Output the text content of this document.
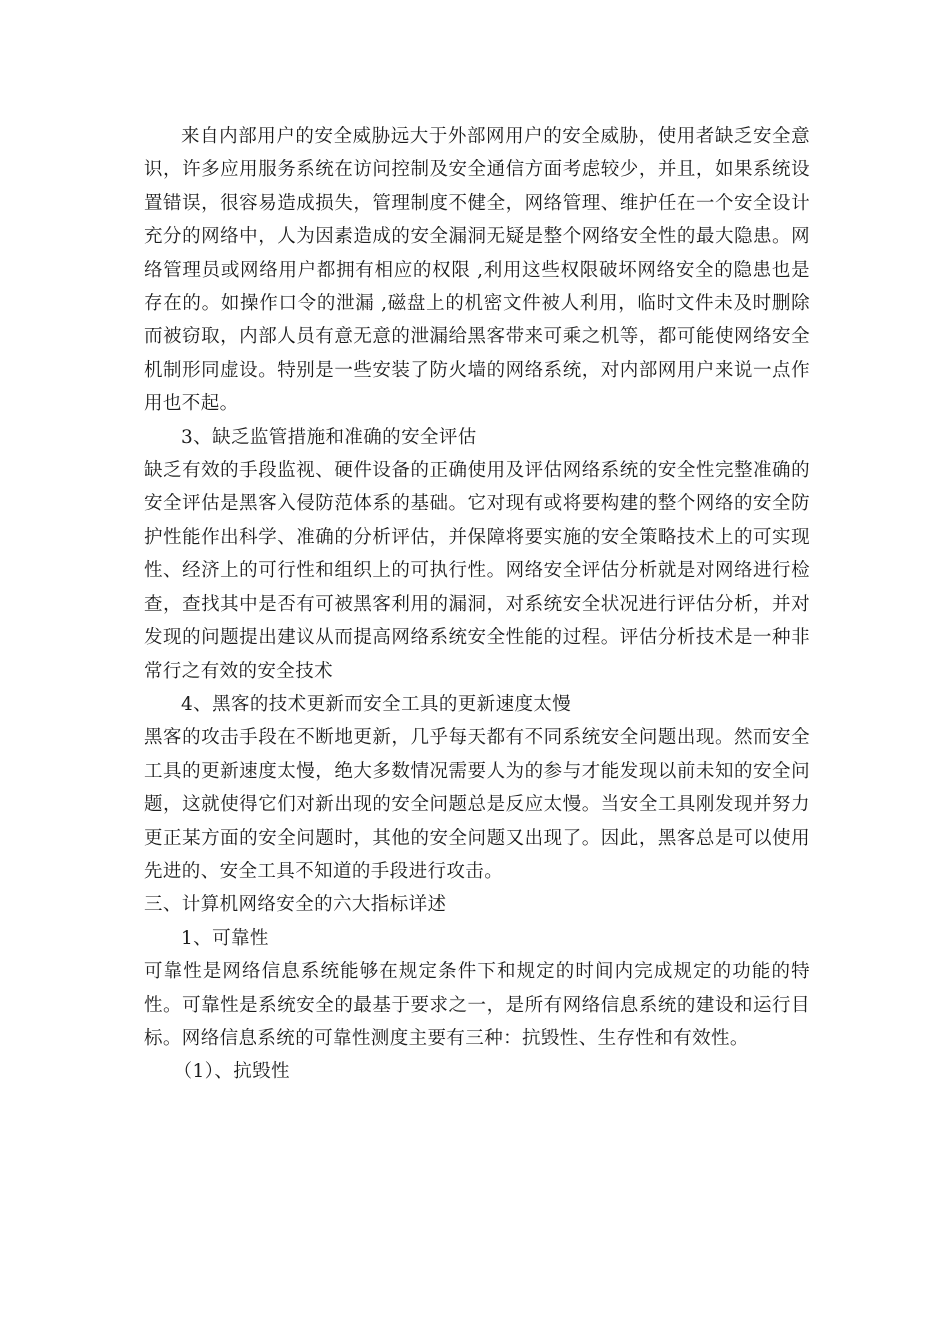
来自内部用户的安全威胁远大于外部网用户的安全威胁，使用者缺乏安全意识，许多应用服务系统在访问控制及安全通信方面考虑较少，并且，如果系统设置错误，很容易造成损失，管理制度不健全，网络管理、维护任在一个安全设计充分的网络中，人为因素造成的安全漏洞无疑是整个网络安全性的最大隐患。网络管理员或网络用户都拥有相应的权限 ,利用这些权限破坏网络安全的隐患也是存在的。如操作口令的泄漏 ,磁盘上的机密文件被人利用，临时文件未及时删除而被窃取，内部人员有意无意的泄漏给黑客带来可乘之机等，都可能使网络安全机制形同虚设。特别是一些安装了防火墙的网络系统，对内部网用户来说一点作用也不起。

3、缺乏监管措施和准确的安全评估

缺乏有效的手段监视、硬件设备的正确使用及评估网络系统的安全性完整准确的安全评估是黑客入侵防范体系的基础。它对现有或将要构建的整个网络的安全防护性能作出科学、准确的分析评估，并保障将要实施的安全策略技术上的可实现性、经济上的可行性和组织上的可执行性。网络安全评估分析就是对网络进行检查，查找其中是否有可被黑客利用的漏洞，对系统安全状况进行评估分析，并对发现的问题提出建议从而提高网络系统安全性能的过程。评估分析技术是一种非常行之有效的安全技术

4、黑客的技术更新而安全工具的更新速度太慢

黑客的攻击手段在不断地更新，几乎每天都有不同系统安全问题出现。然而安全工具的更新速度太慢，绝大多数情况需要人为的参与才能发现以前未知的安全问题，这就使得它们对新出现的安全问题总是反应太慢。当安全工具刚发现并努力更正某方面的安全问题时，其他的安全问题又出现了。因此，黑客总是可以使用先进的、安全工具不知道的手段进行攻击。

三、计算机网络安全的六大指标详述

1、可靠性

可靠性是网络信息系统能够在规定条件下和规定的时间内完成规定的功能的特性。可靠性是系统安全的最基于要求之一，是所有网络信息系统的建设和运行目标。网络信息系统的可靠性测度主要有三种：抗毁性、生存性和有效性。

（1）、抗毁性
